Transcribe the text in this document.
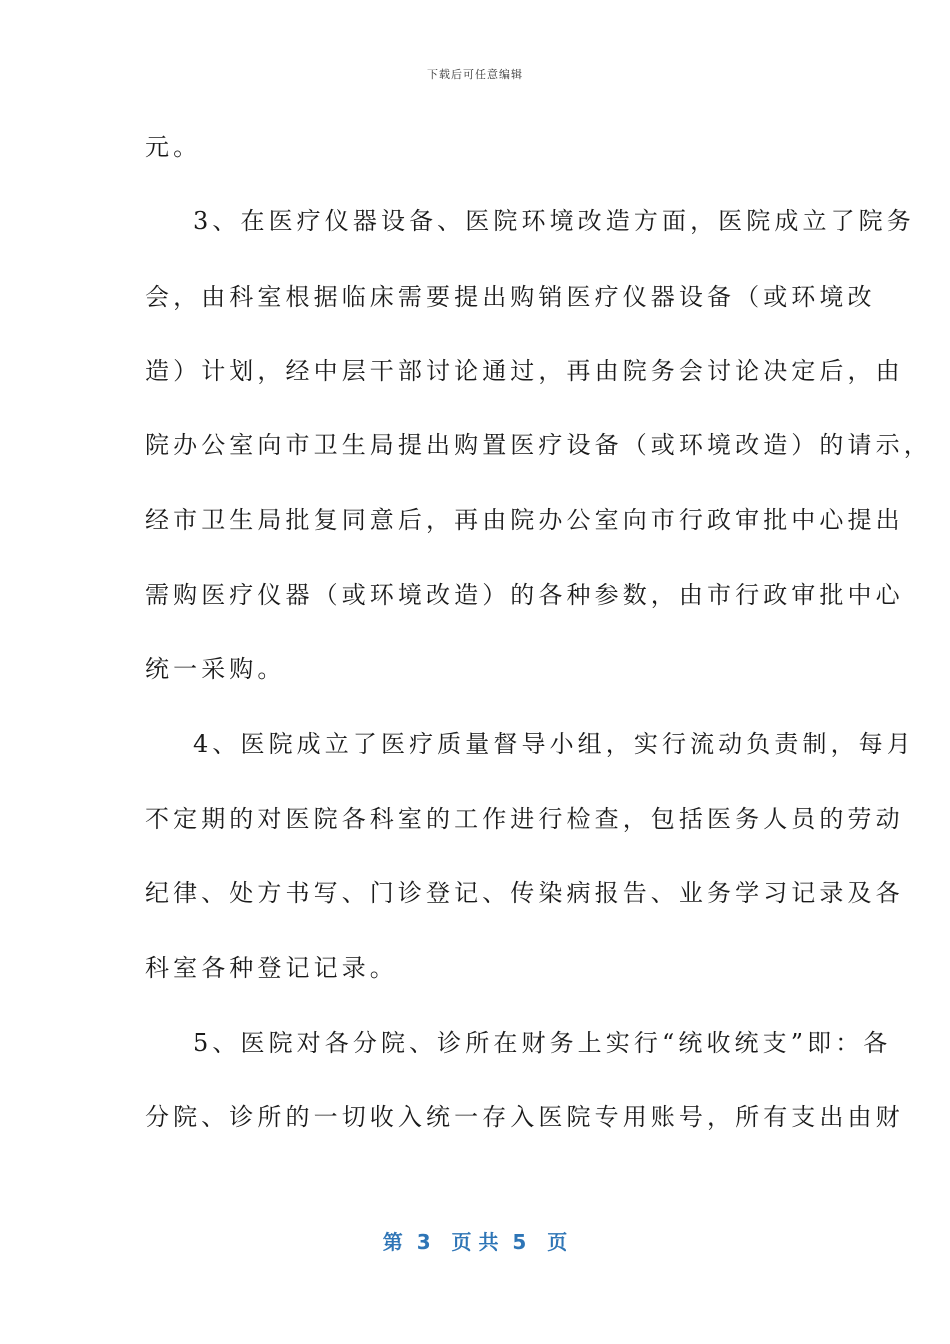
下载后可任意编辑
元。
3、在医疗仪器设备、医院环境改造方面，医院成立了院务
会，由科室根据临床需要提出购销医疗仪器设备（或环境改
造）计划，经中层干部讨论通过，再由院务会讨论决定后，由
院办公室向市卫生局提出购置医疗设备（或环境改造）的请示，
经市卫生局批复同意后，再由院办公室向市行政审批中心提出
需购医疗仪器（或环境改造）的各种参数，由市行政审批中心
统一采购。
4、医院成立了医疗质量督导小组，实行流动负责制，每月
不定期的对医院各科室的工作进行检查，包括医务人员的劳动
纪律、处方书写、门诊登记、传染病报告、业务学习记录及各
科室各种登记记录。
5、医院对各分院、诊所在财务上实行“统收统支”即：各
分院、诊所的一切收入统一存入医院专用账号，所有支出由财
第  3   页 共  5   页
